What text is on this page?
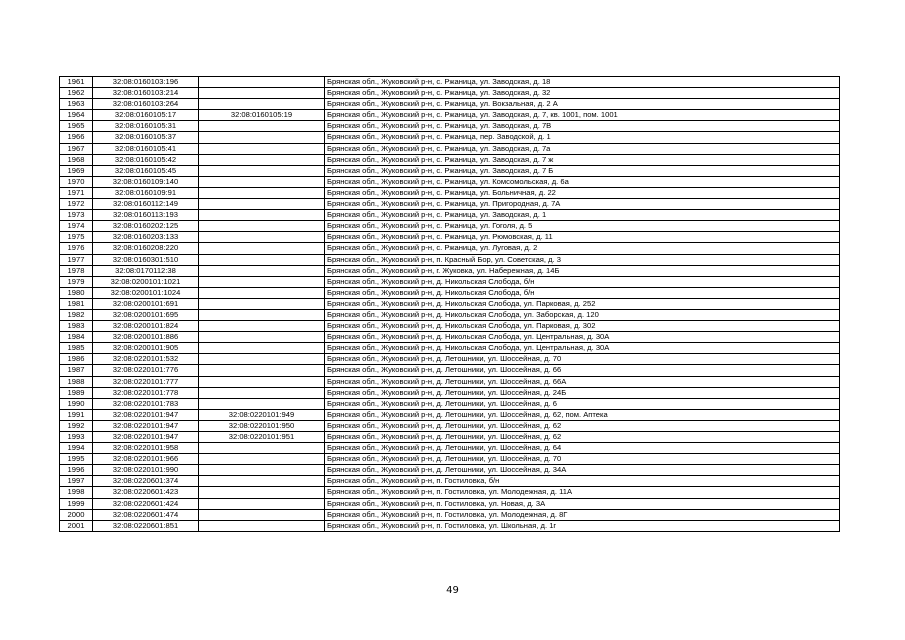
1961	32:08:0160103:196		Брянская обл., Жуковский р-н, с. Ржаница, ул. Заводская, д. 18
1962	32:08:0160103:214		Брянская обл., Жуковский р-н, с. Ржаница, ул. Заводская, д. 32
1963	32:08:0160103:264		Брянская обл., Жуковский р-н, с. Ржаница, ул. Вокзальная, д. 2 А
1964	32:08:0160105:17	32:08:0160105:19	Брянская обл., Жуковский р-н, с. Ржаница, ул. Заводская, д. 7, кв. 1001, пом. 1001
1965	32:08:0160105:31		Брянская обл., Жуковский р-н, с. Ржаница, ул. Заводская, д. 7В
1966	32:08:0160105:37		Брянская обл., Жуковский р-н, с. Ржаница, пер. Заводской, д. 1
1967	32:08:0160105:41		Брянская обл., Жуковский р-н, с. Ржаница, ул. Заводская, д. 7а
1968	32:08:0160105:42		Брянская обл., Жуковский р-н, с. Ржаница, ул. Заводская, д. 7 ж
1969	32:08:0160105:45		Брянская обл., Жуковский р-н, с. Ржаница, ул. Заводская, д. 7 Б
1970	32:08:0160109:140		Брянская обл., Жуковский р-н, с. Ржаница, ул. Комсомольская, д. 6а
1971	32:08:0160109:91		Брянская обл., Жуковский р-н, с. Ржаница, ул. Больничная, д. 22
1972	32:08:0160112:149		Брянская обл., Жуковский р-н, с. Ржаница, ул. Пригородная, д. 7А
1973	32:08:0160113:193		Брянская обл., Жуковский р-н, с. Ржаница, ул. Заводская, д. 1
1974	32:08:0160202:125		Брянская обл., Жуковский р-н, с. Ржаница, ул. Гоголя, д. 5
1975	32:08:0160203:133		Брянская обл., Жуковский р-н, с. Ржаница, ул. Рюмовская, д. 11
1976	32:08:0160208:220		Брянская обл., Жуковский р-н, с. Ржаница, ул. Луговая, д. 2
1977	32:08:0160301:510		Брянская обл., Жуковский р-н, п. Красный Бор, ул. Советская, д. 3
1978	32:08:0170112:38		Брянская обл., Жуковский р-н, г. Жуковка, ул. Набережная, д. 14Б
1979	32:08:0200101:1021		Брянская обл., Жуковский р-н, д. Никольская Слобода, б/н
1980	32:08:0200101:1024		Брянская обл., Жуковский р-н, д. Никольская Слобода, б/н
1981	32:08:0200101:691		Брянская обл., Жуковский р-н, д. Никольская Слобода, ул. Парковая, д. 252
1982	32:08:0200101:695		Брянская обл., Жуковский р-н, д. Никольская Слобода, ул. Заборская, д. 120
1983	32:08:0200101:824		Брянская обл., Жуковский р-н, д. Никольская Слобода, ул. Парковая, д. 302
1984	32:08:0200101:886		Брянская обл., Жуковский р-н, д. Никольская Слобода, ул. Центральная, д. 30А
1985	32:08:0200101:905		Брянская обл., Жуковский р-н, д. Никольская Слобода, ул. Центральная, д. 30А
1986	32:08:0220101:532		Брянская обл., Жуковский р-н, д. Летошники, ул. Шоссейная, д. 70
1987	32:08:0220101:776		Брянская обл., Жуковский р-н, д. Летошники, ул. Шоссейная, д. 66
1988	32:08:0220101:777		Брянская обл., Жуковский р-н, д. Летошники, ул. Шоссейная, д. 66А
1989	32:08:0220101:778		Брянская обл., Жуковский р-н, д. Летошники, ул. Шоссейная, д. 24Б
1990	32:08:0220101:783		Брянская обл., Жуковский р-н, д. Летошники, ул. Шоссейная, д. 6
1991	32:08:0220101:947	32:08:0220101:949	Брянская обл., Жуковский р-н, д. Летошники, ул. Шоссейная, д. 62, пом. Аптека
1992	32:08:0220101:947	32:08:0220101:950	Брянская обл., Жуковский р-н, д. Летошники, ул. Шоссейная, д. 62
1993	32:08:0220101:947	32:08:0220101:951	Брянская обл., Жуковский р-н, д. Летошники, ул. Шоссейная, д. 62
1994	32:08:0220101:958		Брянская обл., Жуковский р-н, д. Летошники, ул. Шоссейная, д. 64
1995	32:08:0220101:966		Брянская обл., Жуковский р-н, д. Летошники, ул. Шоссейная, д. 70
1996	32:08:0220101:990		Брянская обл., Жуковский р-н, д. Летошники, ул. Шоссейная, д. 34А
1997	32:08:0220601:374		Брянская обл., Жуковский р-н, п. Гостиловка, б/н
1998	32:08:0220601:423		Брянская обл., Жуковский р-н, п. Гостиловка, ул. Молодежная, д. 11А
1999	32:08:0220601:424		Брянская обл., Жуковский р-н, п. Гостиловка, ул. Новая, д. 3А
2000	32:08:0220601:474		Брянская обл., Жуковский р-н, п. Гостиловка, ул. Молодежная, д. 8Г
2001	32:08:0220601:851		Брянская обл., Жуковский р-н, п. Гостиловка, ул. Школьная, д. 1г
49
